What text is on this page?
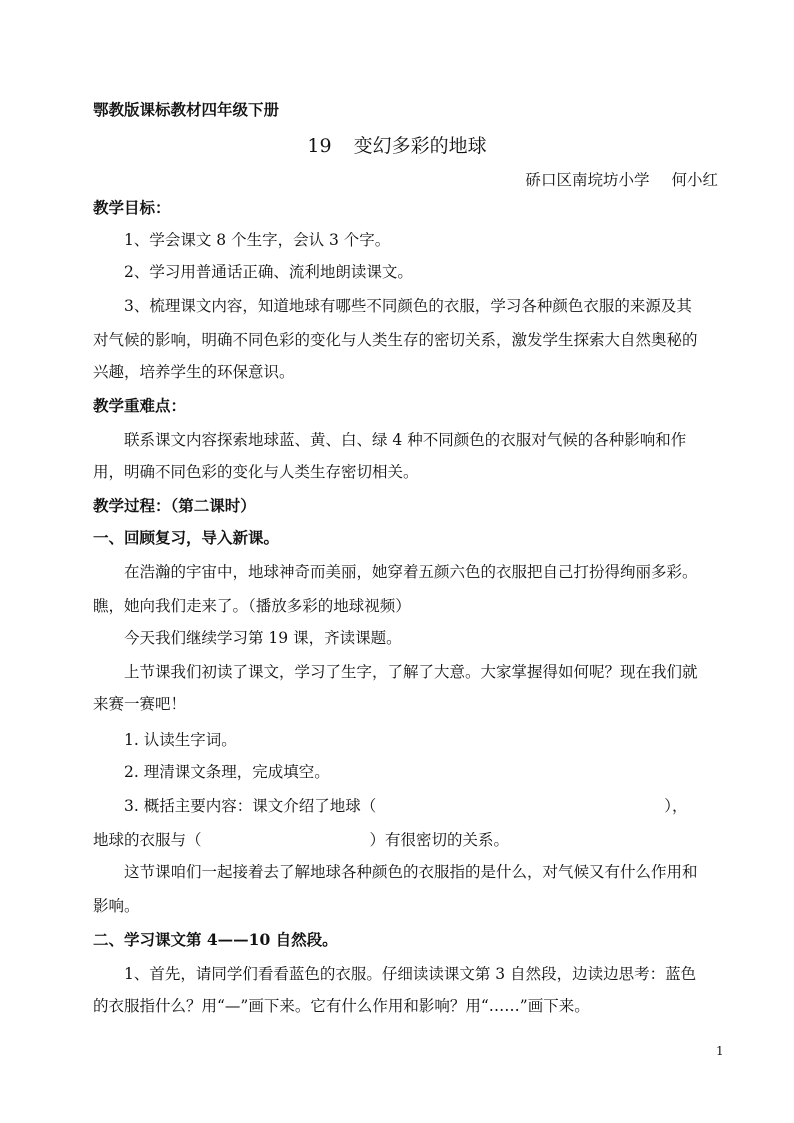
鄂教版课标教材四年级下册
19 变幻多彩的地球
硚口区南垸坊小学 何小红
教学目标：
1、学会课文 8 个生字，会认 3 个字。
2、学习用普通话正确、流利地朗读课文。
3、梳理课文内容，知道地球有哪些不同颜色的衣服，学习各种颜色衣服的来源及其
对气候的影响，明确不同色彩的变化与人类生存的密切关系，激发学生探索大自然奥秘的
兴趣，培养学生的环保意识。
教学重难点：
联系课文内容探索地球蓝、黄、白、绿 4 种不同颜色的衣服对气候的各种影响和作
用，明确不同色彩的变化与人类生存密切相关。
教学过程：（第二课时）
一、回顾复习，导入新课。
在浩瀚的宇宙中，地球神奇而美丽，她穿着五颜六色的衣服把自己打扮得绚丽多彩。
瞧，她向我们走来了。（播放多彩的地球视频）
今天我们继续学习第 19 课，齐读课题。
上节课我们初读了课文，学习了生字，了解了大意。大家掌握得如何呢？现在我们就
来赛一赛吧！
1. 认读生字词。
2. 理清课文条理，完成填空。
3. 概括主要内容：课文介绍了地球（	），
地球的衣服与（	）有很密切的关系。
这节课咱们一起接着去了解地球各种颜色的衣服指的是什么，对气候又有什么作用和
影响。
二、学习课文第 4——10 自然段。
1、首先，请同学们看看蓝色的衣服。仔细读读课文第 3 自然段，边读边思考：蓝色
的衣服指什么？用“—”画下来。它有什么作用和影响？用“……”画下来。
1
